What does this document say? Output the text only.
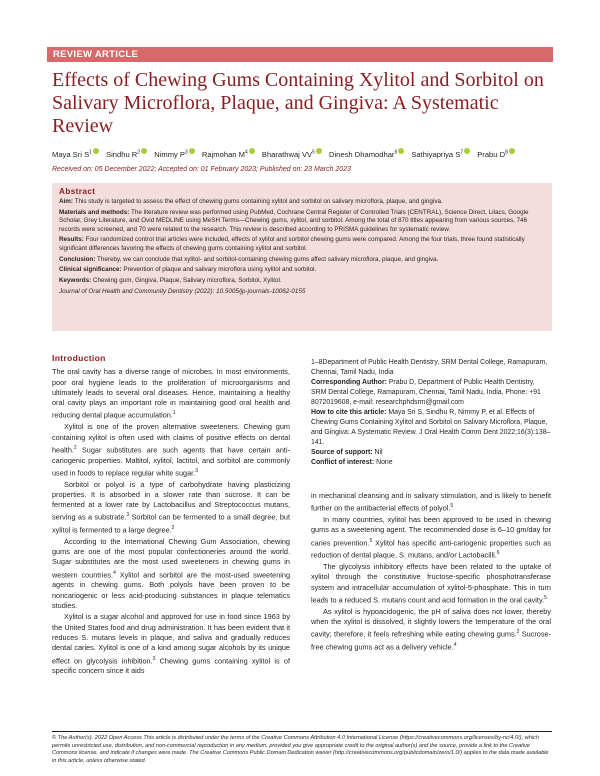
REVIEW ARTICLE
Effects of Chewing Gums Containing Xylitol and Sorbitol on Salivary Microflora, Plaque, and Gingiva: A Systematic Review
Maya Sri $S^1$ Sindhu $R^2$ Nimmy $P^3$ Rajmohan $M^4$ Bharathwaj $VV^5$ Dinesh Dhamodhar$^6$ Sathiyapriya $S^7$ Prabu $D^8$
Received on: 05 December 2022; Accepted on: 01 February 2023; Published on: 23 March 2023
Abstract

Aim: This study is targeted to assess the effect of chewing gums containing xylitol and sorbitol on salivary microflora, plaque, and gingiva.

Materials and methods: The literature review was performed using PubMed, Cochrane Central Register of Controlled Trials (CENTRAL), Science Direct, Lilacs, Google Scholar, Grey Literature, and Ovid MEDLINE using MeSH Terms—Chewing gums, xylitol, and sorbitol. Among the total of 870 titles appearing from various sources, 746 records were screened, and 70 were related to the research. This review is described according to PRISMA guidelines for systematic review.

Results: Four randomized control trial articles were included, effects of xylitol and sorbitol chewing gums were compared. Among the four trials, three found statistically significant differences favoring the effects of chewing gums containing xylitol and sorbitol.

Conclusion: Thereby, we can conclude that xylitol- and sorbitol-containing chewing gums affect salivary microflora, plaque, and gingiva.

Clinical significance: Prevention of plaque and salivary microflora using xylitol and sorbitol.

Keywords: Chewing gum, Gingiva, Plaque, Salivary microflora, Sorbitol, Xylitol.

Journal of Oral Health and Community Dentistry (2022): 10.5005/jp-journals-10062-0155

Introduction

The oral cavity has a diverse range of microbes. In most environments, poor oral hygiene leads to the proliferation of microorganisms and ultimately leads to several oral diseases. Hence, maintaining a healthy oral cavity plays an important role in maintaining good oral health and reducing dental plaque accumulation.$^1$

Xylitol is one of the proven alternative sweeteners. Chewing gum containing xylitol is often used with claims of positive effects on dental health.$^2$ Sugar substitutes are such agents that have certain anti-cariogenic properties. Maltitol, xylitol, lactitol, and sorbitol are commonly used in foods to replace regular white sugar.$^3$

Sorbitol or polyol is a type of carbohydrate having plasticizing properties. It is absorbed in a slower rate than sucrose. It can be fermented at a lower rate by Lactobacillus and Streptococcus mutans, serving as a substrate.$^3$ Sorbitol can be fermented to a small degree, but xylitol is fermented to a large degree.$^2$

According to the International Chewing Gum Association, chewing gums are one of the most popular confectioneries around the world. Sugar substitutes are the most used sweeteners in chewing gums in western countries.$^4$ Xylitol and sorbitol are the most-used sweetening agents in chewing gums. Both polyols have been proven to be noncariogenic or less acid-producing substances in plaque telematics studies.

Xylitol is a sugar alcohol and approved for use in food since 1963 by the United States food and drug administration. It has been evident that it reduces S. mutans levels in plaque, and saliva and gradually reduces dental caries. Xylitol is one of a kind among sugar alcohols by its unique effect on glycolysis inhibition.$^3$ Chewing gums containing xylitol is of specific concern since it aids

1–8Department of Public Health Dentistry, SRM Dental College, Ramapuram, Chennai, Tamil Nadu, India

Corresponding Author: Prabu D, Department of Public Health Dentistry, SRM Dental College, Ramapuram, Chennai, Tamil Nadu, India, Phone: +91 8072019608, e-mail: researchphdsrm@gmail.com

How to cite this article: Maya Sri S, Sindhu R, Nimmy P, et al. Effects of Chewing Gums Containing Xylitol and Sorbitol on Salivary Microflora, Plaque, and Gingiva: A Systematic Review. J Oral Health Comm Dent 2022;16(3):138–141.

Source of support: Nil

Conflict of interest: None

in mechanical cleansing and in salivary stimulation, and is likely to benefit further on the antibacterial effects of polyol.$^5$

In many countries, xylitol has been approved to be used in chewing gums as a sweetening agent. The recommended dose is 6–10 gm/day for caries prevention.$^5$ Xylitol has specific anti-cariogenic properties such as reduction of dental plaque, S. mutans, and/or Lactobacilli.$^6$

The glycolysis inhibitory effects have been related to the uptake of xylitol through the constitutive fructose-specific phosphotransferase system and intracellular accumulation of xylitol-5-phosphate. This in turn leads to a reduced S. mutans count and acid formation in the oral cavity.$^5$

As xylitol is hypoacidogenic, the pH of saliva does not lower, thereby when the xylitol is dissolved, it slightly lowers the temperature of the oral cavity; therefore, it feels refreshing while eating chewing gums.$^2$ Sucrose-free chewing gums act as a delivery vehicle.$^4$

© The Author(s). 2022 Open Access This article is distributed under the terms of the Creative Commons Attribution 4.0 International License (https://creativecommons.org/licenses/by-nc/4.0/), which permits unrestricted use, distribution, and non-commercial reproduction in any medium, provided you give appropriate credit to the original author(s) and the source, provide a link to the Creative Commons license, and indicate if changes were made. The Creative Commons Public Domain Dedication waiver (http://creativecommons.org/publicdomain/zero/1.0/) applies to the data made available in this article, unless otherwise stated.
